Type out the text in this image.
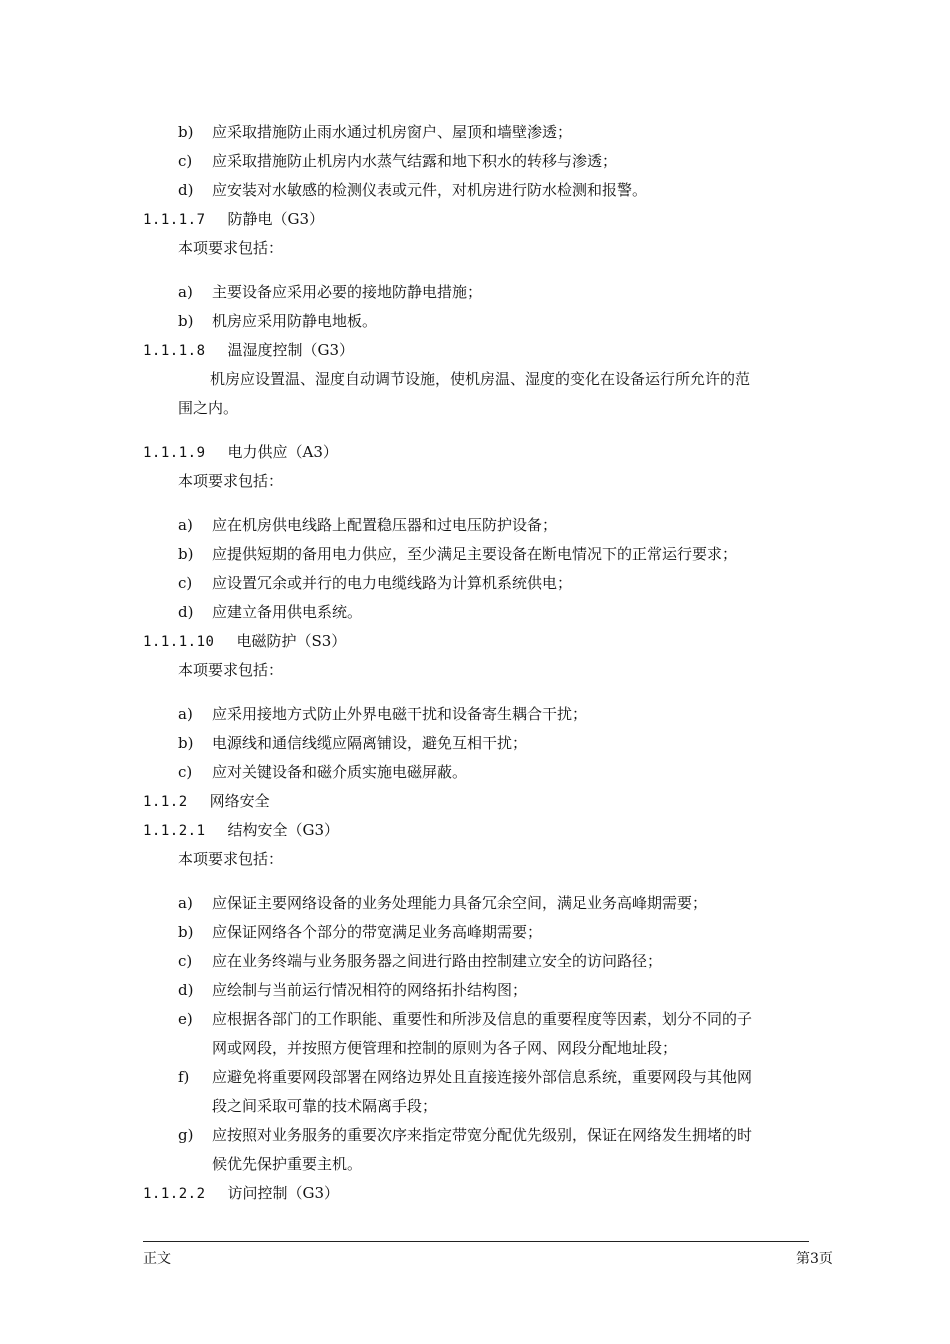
b) 应采取措施防止雨水通过机房窗户、屋顶和墙壁渗透；
c) 应采取措施防止机房内水蒸气结露和地下积水的转移与渗透；
d) 应安装对水敏感的检测仪表或元件，对机房进行防水检测和报警。
1.1.1.7 防静电（G3）
本项要求包括：
a) 主要设备应采用必要的接地防静电措施；
b) 机房应采用防静电地板。
1.1.1.8 温湿度控制（G3）
机房应设置温、湿度自动调节设施，使机房温、湿度的变化在设备运行所允许的范
围之内。
1.1.1.9 电力供应（A3）
本项要求包括：
a) 应在机房供电线路上配置稳压器和过电压防护设备；
b) 应提供短期的备用电力供应，至少满足主要设备在断电情况下的正常运行要求；
c) 应设置冗余或并行的电力电缆线路为计算机系统供电；
d) 应建立备用供电系统。
1.1.1.10 电磁防护（S3）
本项要求包括：
a) 应采用接地方式防止外界电磁干扰和设备寄生耦合干扰；
b) 电源线和通信线缆应隔离铺设，避免互相干扰；
c) 应对关键设备和磁介质实施电磁屏蔽。
1.1.2 网络安全
1.1.2.1 结构安全（G3）
本项要求包括：
a) 应保证主要网络设备的业务处理能力具备冗余空间，满足业务高峰期需要；
b) 应保证网络各个部分的带宽满足业务高峰期需要；
c) 应在业务终端与业务服务器之间进行路由控制建立安全的访问路径；
d) 应绘制与当前运行情况相符的网络拓扑结构图；
e) 应根据各部门的工作职能、重要性和所涉及信息的重要程度等因素，划分不同的子
网或网段，并按照方便管理和控制的原则为各子网、网段分配地址段；
f) 应避免将重要网段部署在网络边界处且直接连接外部信息系统，重要网段与其他网
段之间采取可靠的技术隔离手段；
g) 应按照对业务服务的重要次序来指定带宽分配优先级别，保证在网络发生拥堵的时
候优先保护重要主机。
1.1.2.2 访问控制（G3）
正文	第3页
